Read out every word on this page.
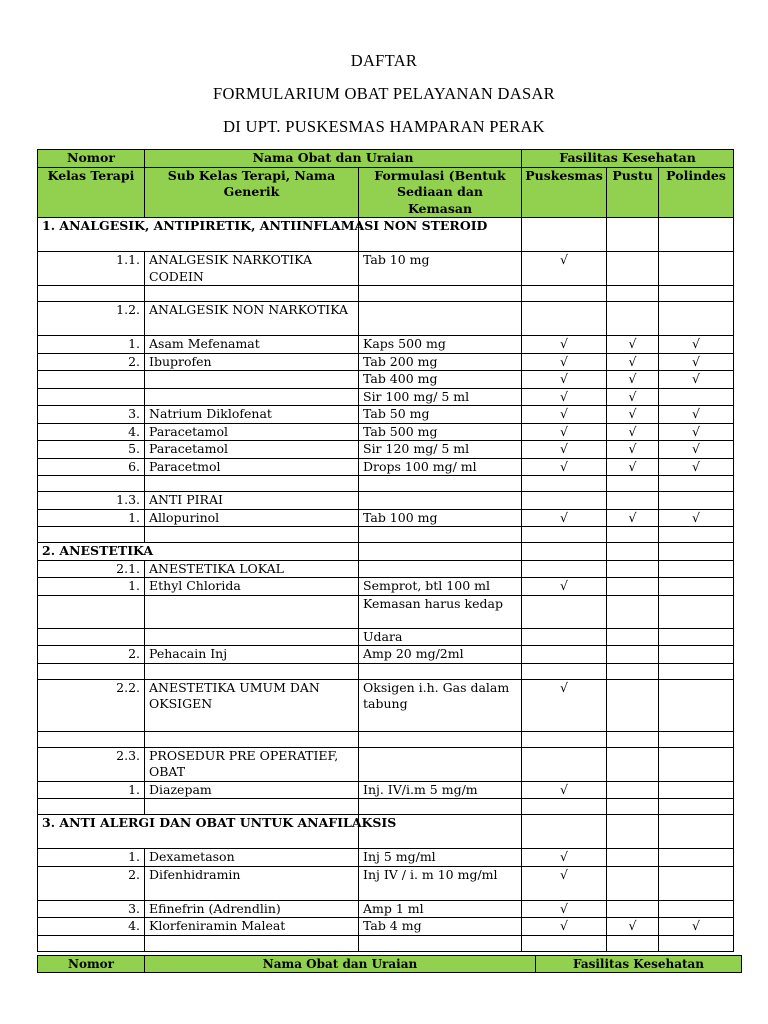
DAFTAR
FORMULARIUM OBAT PELAYANAN DASAR
DI UPT. PUSKESMAS HAMPARAN PERAK
Nomor	Nama Obat dan Uraian		Fasilitas Kesehatan		
Kelas Terapi	Sub Kelas Terapi, Nama Generik	Formulasi (Bentuk Sediaan dan Kemasan	Puskesmas	Pustu	Polindes

1. ANALGESIK, ANTIPIRETIK, ANTIINFLAMASI NON STEROID					

1.1.	ANALGESIK NARKOTIKA CODEIN	Tab 10 mg	√		

1.2.	ANALGESIK NON NARKOTIKA				
1.	Asam Mefenamat	Kaps 500 mg	√	√	√
2.	Ibuprofen	Tab 200 mg	√	√	√
		Tab 400 mg	√	√	√
		Sir 100 mg/ 5 ml	√	√	
3.	Natrium Diklofenat	Tab 50 mg	√	√	√
4.	Paracetamol	Tab 500 mg	√	√	√
5.	Paracetamol	Sir 120 mg/ 5 ml	√	√	√
6.	Paracetmol	Drops 100 mg/ ml	√	√	√

1.3.	ANTI PIRAI				
1.	Allopurinol	Tab 100 mg	√	√	√

2. ANESTETIKA					

2.1.	ANESTETIKA LOKAL				
1.	Ethyl Chlorida	Semprot, btl 100 ml	√		
		Kemasan harus kedap			
		Udara			
2.	Pehacain Inj	Amp 20 mg/2ml			

2.2.	ANESTETIKA UMUM DAN OKSIGEN	Oksigen i.h. Gas dalam tabung	√		

2.3.	PROSEDUR PRE OPERATIEF, OBAT				
1.	Diazepam	Inj. IV/i.m 5 mg/m	√		

3. ANTI ALERGI DAN OBAT UNTUK ANAFILAKSIS					

1.	Dexametason	Inj 5 mg/ml	√		
2.	Difenhidramin	Inj IV / i. m 10 mg/ml	√		
3.	Efinefrin (Adrendlin)	Amp 1 ml	√		
4.	Klorfeniramin Maleat	Tab 4 mg	√	√	√

Nomor	Nama Obat dan Uraian	Fasilitas Kesehatan
